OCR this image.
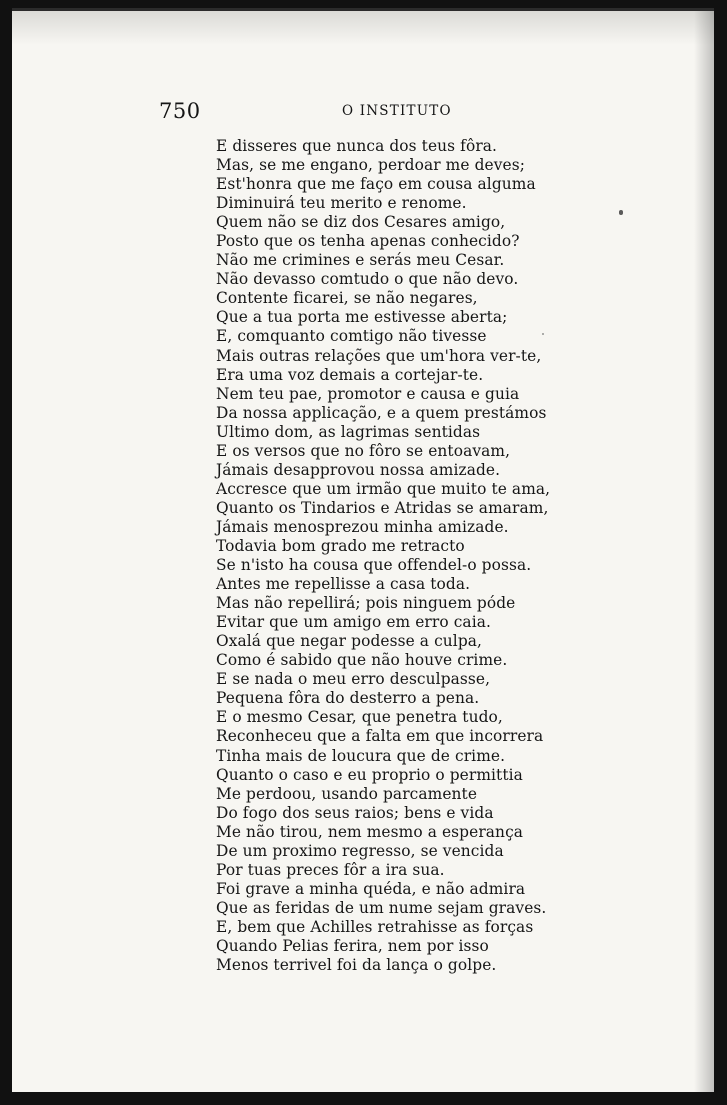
750	O INSTITUTO
E disseres que nunca dos teus fôra.
Mas, se me engano, perdoar me deves;
Est'honra que me faço em cousa alguma
Diminuirá teu merito e renome.
Quem não se diz dos Cesares amigo,
Posto que os tenha apenas conhecido?
Não me crimines e serás meu Cesar.
Não devasso comtudo o que não devo.
Contente ficarei, se não negares,
Que a tua porta me estivesse aberta;
E, comquanto comtigo não tivesse
Mais outras relações que um'hora ver-te,
Era uma voz demais a cortejar-te.
Nem teu pae, promotor e causa e guia
Da nossa applicação, e a quem prestámos
Ultimo dom, as lagrimas sentidas
E os versos que no fôro se entoavam,
Jámais desapprovou nossa amizade.
Accresce que um irmão que muito te ama,
Quanto os Tindarios e Atridas se amaram,
Jámais menosprezou minha amizade.
Todavia bom grado me retracto
Se n'isto ha cousa que offendel-o possa.
Antes me repellisse a casa toda.
Mas não repellirá; pois ninguem póde
Evitar que um amigo em erro caia.
Oxalá que negar podesse a culpa,
Como é sabido que não houve crime.
E se nada o meu erro desculpasse,
Pequena fôra do desterro a pena.
E o mesmo Cesar, que penetra tudo,
Reconheceu que a falta em que incorrera
Tinha mais de loucura que de crime.
Quanto o caso e eu proprio o permittia
Me perdoou, usando parcamente
Do fogo dos seus raios; bens e vida
Me não tirou, nem mesmo a esperança
De um proximo regresso, se vencida
Por tuas preces fôr a ira sua.
Foi grave a minha quéda, e não admira
Que as feridas de um nume sejam graves.
E, bem que Achilles retrahisse as forças
Quando Pelias ferira, nem por isso
Menos terrivel foi da lança o golpe.
